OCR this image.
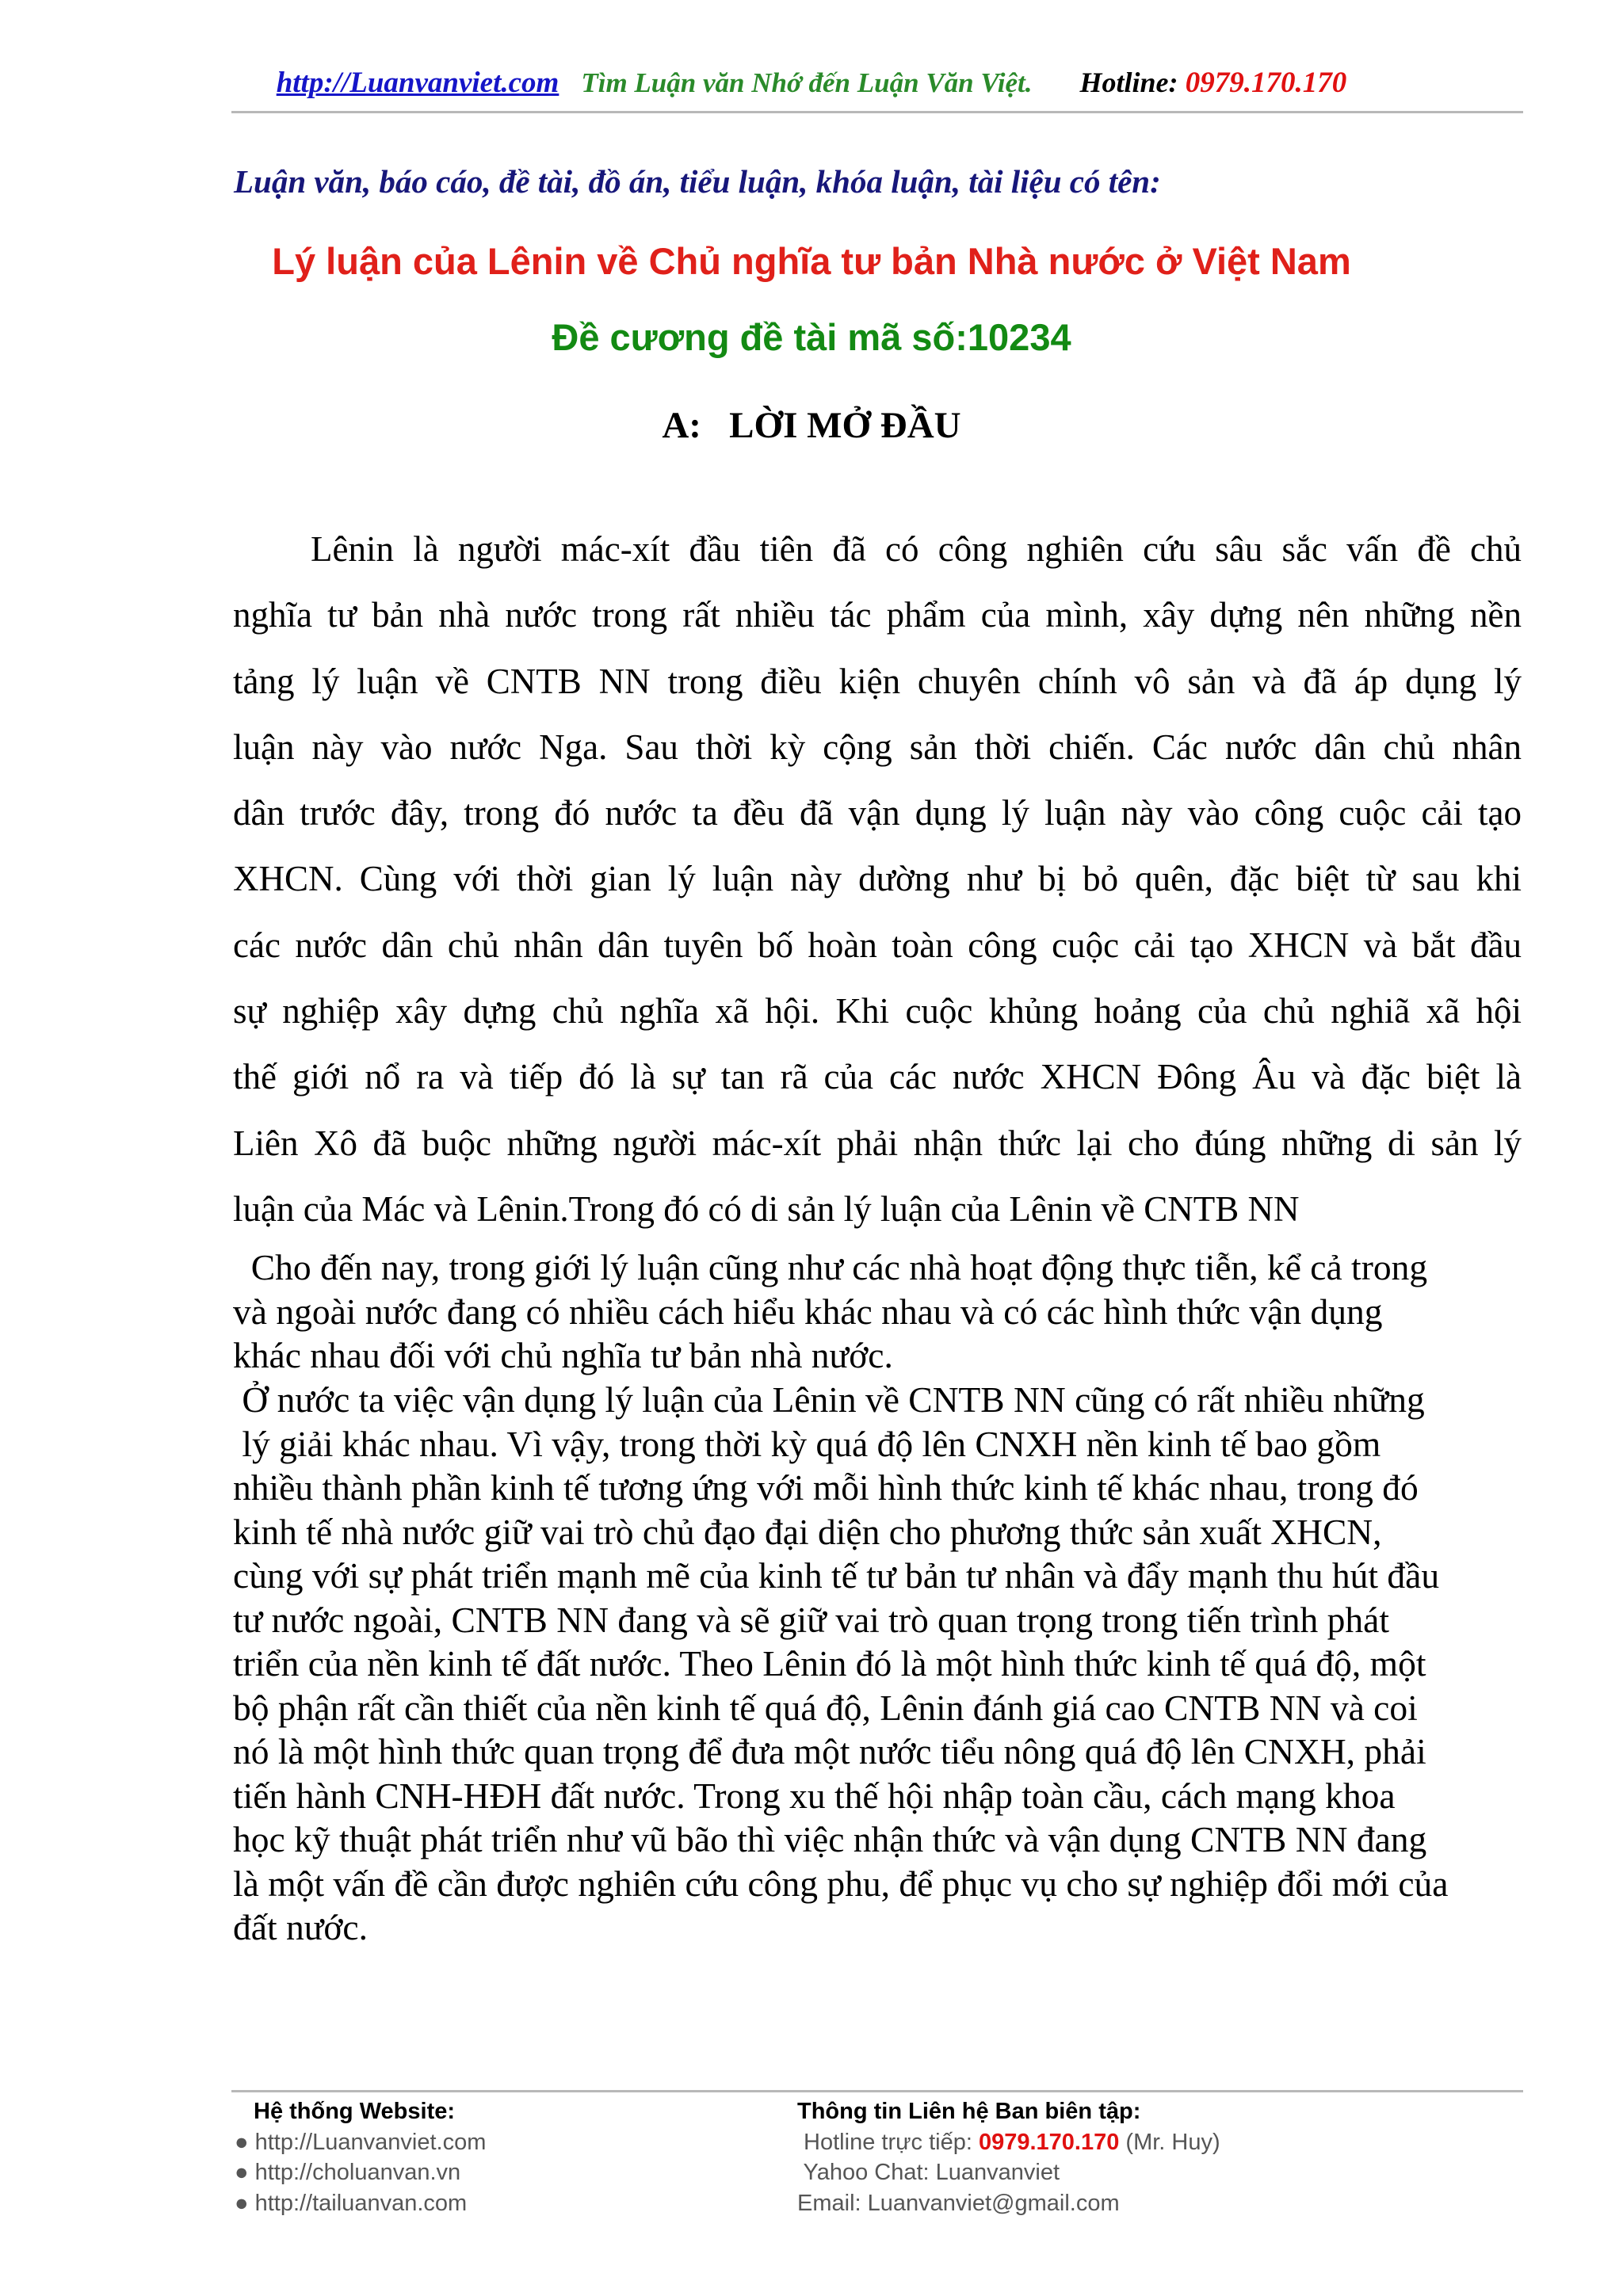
http://Luanvanviet.com Tìm Luận văn Nhớ đến Luận Văn Việt. Hotline: 0979.170.170
Luận văn, báo cáo, đề tài, đồ án, tiểu luận, khóa luận, tài liệu có tên:
Lý luận của Lênin về Chủ nghĩa tư bản Nhà nước ở Việt Nam
Đề cương đề tài mã số:10234
A:   LỜI MỞ ĐẦU
Lênin là người mác-xít đầu tiên đã có công nghiên cứu sâu sắc vấn đề chủ
nghĩa tư bản nhà nước trong rất nhiều tác phẩm của mình, xây dựng nên những nền
tảng lý luận về CNTB NN trong điều kiện chuyên chính vô sản và đã áp dụng lý
luận này vào nước Nga. Sau thời kỳ cộng sản thời chiến. Các nước dân chủ nhân
dân trước đây, trong đó nước ta đều đã vận dụng lý luận này vào công cuộc cải tạo
XHCN. Cùng với thời gian lý luận này dường như bị bỏ quên, đặc biệt từ sau khi
các nước dân chủ nhân dân tuyên bố hoàn toàn công cuộc cải tạo XHCN và bắt đầu
sự nghiệp xây dựng chủ nghĩa xã hội. Khi cuộc khủng hoảng của chủ nghiã xã hội
thế giới nổ ra và tiếp đó là sự tan rã của các nước XHCN Đông Âu và đặc biệt là
Liên Xô đã buộc những người mác-xít phải nhận thức lại cho đúng những di sản lý
luận của Mác và Lênin.Trong đó có di sản lý luận của Lênin về CNTB NN
Cho đến nay, trong giới lý luận cũng như các nhà hoạt động thực tiễn, kể cả trong
và ngoài nước đang có nhiều cách hiểu khác nhau và có các hình thức vận dụng
khác nhau đối với chủ nghĩa tư bản nhà nước.
Ở nước ta việc vận dụng lý luận của Lênin về CNTB NN cũng có rất nhiều những
lý giải khác nhau. Vì vậy, trong thời kỳ quá độ lên CNXH nền kinh tế bao gồm
nhiều thành phần kinh tế tương ứng với mỗi hình thức kinh tế khác nhau, trong đó
kinh tế nhà nước giữ vai trò chủ đạo đại diện cho phương thức sản xuất XHCN,
cùng với sự phát triển mạnh mẽ của kinh tế tư bản tư nhân và đẩy mạnh thu hút đầu
tư nước ngoài, CNTB NN đang và sẽ giữ vai trò quan trọng trong tiến trình phát
triển của nền kinh tế đất nước. Theo Lênin đó là một hình thức kinh tế quá độ, một
bộ phận rất cần thiết của nền kinh tế quá độ, Lênin đánh giá cao CNTB NN và coi
nó là một hình thức quan trọng để đưa một nước tiểu nông quá độ lên CNXH, phải
tiến hành CNH-HĐH đất nước. Trong xu thế hội nhập toàn cầu, cách mạng khoa
học kỹ thuật phát triển như vũ bão thì việc nhận thức và vận dụng CNTB NN đang
là một vấn đề cần được nghiên cứu công phu, để phục vụ cho sự nghiệp đổi mới của
đất nước.
Hệ thống Website:
● http://Luanvanviet.com
● http://choluanvan.vn
● http://tailuanvan.com
Thông tin Liên hệ Ban biên tập:
Hotline trực tiếp: 0979.170.170 (Mr. Huy)
Yahoo Chat: Luanvanviet
Email: Luanvanviet@gmail.com
